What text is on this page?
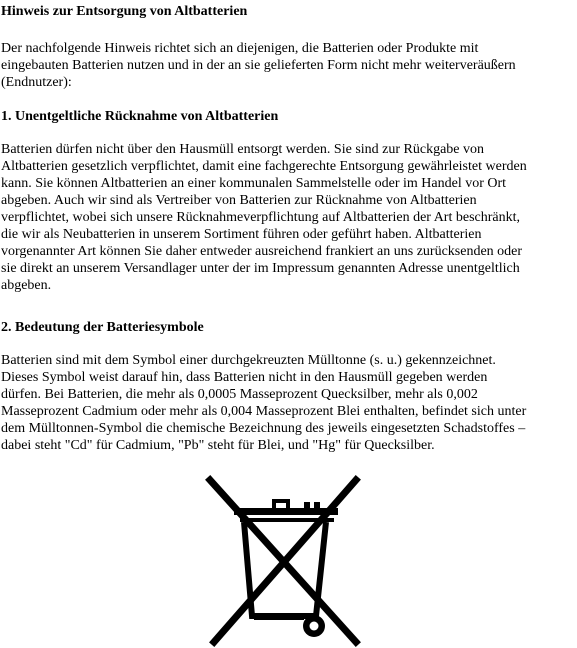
Hinweis zur Entsorgung von Altbatterien

Der nachfolgende Hinweis richtet sich an diejenigen, die Batterien oder Produkte mit
eingebauten Batterien nutzen und in der an sie gelieferten Form nicht mehr weiterveräußern
(Endnutzer):

1. Unentgeltliche Rücknahme von Altbatterien

Batterien dürfen nicht über den Hausmüll entsorgt werden. Sie sind zur Rückgabe von
Altbatterien gesetzlich verpflichtet, damit eine fachgerechte Entsorgung gewährleistet werden
kann. Sie können Altbatterien an einer kommunalen Sammelstelle oder im Handel vor Ort
abgeben. Auch wir sind als Vertreiber von Batterien zur Rücknahme von Altbatterien
verpflichtet, wobei sich unsere Rücknahmeverpflichtung auf Altbatterien der Art beschränkt,
die wir als Neubatterien in unserem Sortiment führen oder geführt haben. Altbatterien
vorgenannter Art können Sie daher entweder ausreichend frankiert an uns zurücksenden oder
sie direkt an unserem Versandlager unter der im Impressum genannten Adresse unentgeltlich
abgeben.

2. Bedeutung der Batteriesymbole

Batterien sind mit dem Symbol einer durchgekreuzten Mülltonne (s. u.) gekennzeichnet.
Dieses Symbol weist darauf hin, dass Batterien nicht in den Hausmüll gegeben werden
dürfen. Bei Batterien, die mehr als 0,0005 Masseprozent Quecksilber, mehr als 0,002
Masseprozent Cadmium oder mehr als 0,004 Masseprozent Blei enthalten, befindet sich unter
dem Mülltonnen-Symbol die chemische Bezeichnung des jeweils eingesetzten Schadstoffes –
dabei steht "Cd" für Cadmium, "Pb" steht für Blei, und "Hg" für Quecksilber.
